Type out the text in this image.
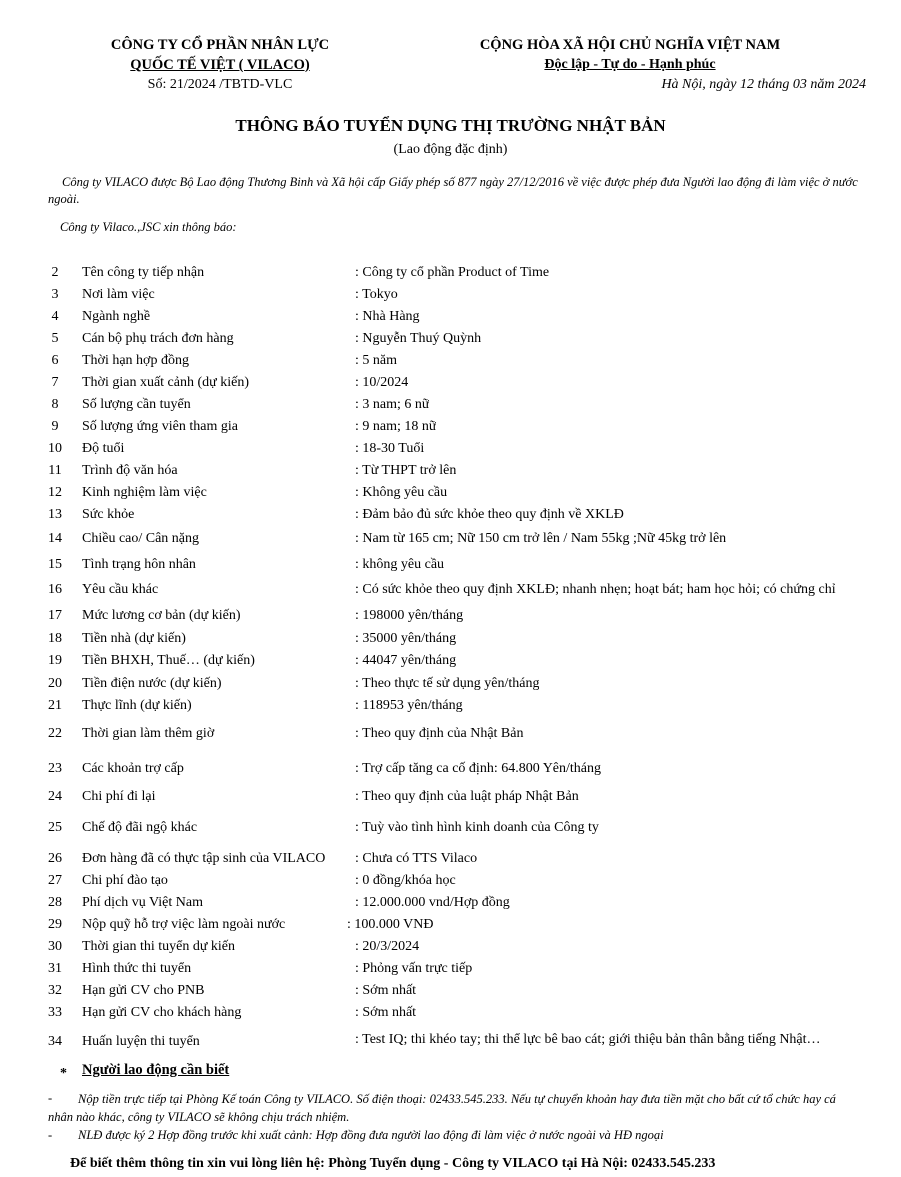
CÔNG TY CỔ PHẦN NHÂN LỰC
QUỐC TẾ VIỆT ( VILACO)
Số: 21/2024 /TBTD-VLC
CỘNG HÒA XÃ HỘI CHỦ NGHĨA VIỆT NAM
Độc lập - Tự do - Hạnh phúc
Hà Nội, ngày 12 tháng 03 năm 2024
THÔNG BÁO TUYỂN DỤNG THỊ TRƯỜNG NHẬT BẢN
(Lao động đặc định)
Công ty VILACO được Bộ Lao động Thương Binh và Xã hội cấp Giấy phép số 877 ngày 27/12/2016 về việc được phép đưa Người lao động đi làm việc ở nước ngoài.
Công ty Vilaco.,JSC xin thông báo:
2	Tên công ty tiếp nhận	: Công ty cổ phần Product of Time
3	Nơi làm việc	: Tokyo
4	Ngành nghề	: Nhà Hàng
5	Cán bộ phụ trách đơn hàng	: Nguyễn Thuý Quỳnh
6	Thời hạn hợp đồng	: 5 năm
7	Thời gian xuất cảnh (dự kiến)	: 10/2024
8	Số lượng cần tuyển	: 3 nam; 6 nữ
9	Số lượng ứng viên tham gia	: 9 nam; 18 nữ
10	Độ tuổi	: 18-30 Tuổi
11	Trình độ văn hóa	: Từ THPT trở lên
12	Kinh nghiệm làm việc	: Không yêu cầu
13	Sức khỏe	: Đảm bảo đủ sức khỏe theo quy định về XKLĐ
14	Chiều cao/ Cân nặng	: Nam từ 165 cm; Nữ 150 cm trở lên / Nam 55kg ;Nữ 45kg trở lên
15	Tình trạng hôn nhân	: không yêu cầu
16	Yêu cầu khác	: Có sức khỏe theo quy định XKLĐ; nhanh nhẹn; hoạt bát; ham học hỏi; có chứng chỉ
17	Mức lương cơ bản (dự kiến)	: 198000 yên/tháng
18	Tiền nhà (dự kiến)	: 35000 yên/tháng
19	Tiền BHXH, Thuế… (dự kiến)	: 44047 yên/tháng
20	Tiền điện nước (dự kiến)	: Theo thực tế sử dụng yên/tháng
21	Thực lĩnh (dự kiến)	: 118953 yên/tháng
22	Thời gian làm thêm giờ	: Theo quy định của Nhật Bản
23	Các khoản trợ cấp	: Trợ cấp tăng ca cố định: 64.800 Yên/tháng
24	Chi phí đi lại	: Theo quy định của luật pháp Nhật Bản
25	Chế độ đãi ngộ khác	: Tuỳ vào tình hình kinh doanh của Công ty
26	Đơn hàng đã có thực tập sinh của VILACO : Chưa có TTS Vilaco
27	Chi phí đào tạo	: 0 đồng/khóa học
28	Phí dịch vụ Việt Nam	: 12.000.000 vnd/Hợp đồng
29	Nộp quỹ hỗ trợ việc làm ngoài nước	: 100.000 VNĐ
30	Thời gian thi tuyển dự kiến	: 20/3/2024
31	Hình thức thi tuyển	: Phỏng vấn trực tiếp
32	Hạn gửi CV cho PNB	: Sớm nhất
33	Hạn gửi CV cho khách hàng	: Sớm nhất
34	Huấn luyện thi tuyển	: Test IQ; thi khéo tay; thi thể lực bê bao cát; giới thiệu bản thân bằng tiếng Nhật…
* Người lao động cần biết
-	Nộp tiền trực tiếp tại Phòng Kế toán Công ty VILACO. Số điện thoại: 02433.545.233. Nếu tự chuyển khoản hay đưa tiền mặt cho bất cứ tổ chức hay cá nhân nào khác, công ty VILACO sẽ không chịu trách nhiệm.
- NLĐ được ký 2 Hợp đồng trước khi xuất cảnh: Hợp đồng đưa người lao động đi làm việc ở nước ngoài và HĐ ngoại
Để biết thêm thông tin xin vui lòng liên hệ: Phòng Tuyển dụng - Công ty VILACO tại Hà Nội: 02433.545.233
